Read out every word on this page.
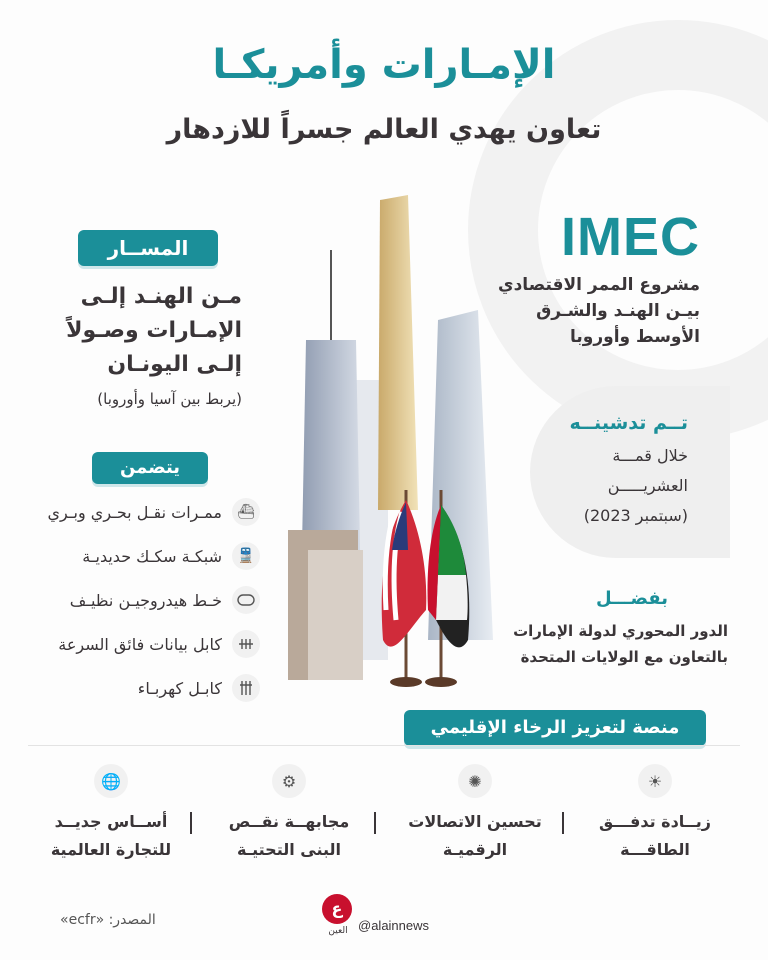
الإمـارات وأمريكـا
تعاون يهدي العالم جسراً للازدهار
المســار
مـن الهنـد إلـى
الإمـارات وصـولاً
إلـى اليونـان
(يربط بين آسيا وأوروبا)
يتضمن
⛴
ممـرات نقـل بحـري وبـري
🚆
شبكـة سكـك حديديـة
خـط هيدروجيـن نظيـف
كابل بيانات فائق السرعة
كابـل كهربـاء
IMEC
مشروع الممر الاقتصادي
بيـن الهنـد والشـرق
الأوسط وأوروبا
تــم تدشينــه
خلال قمـــة
العشريـــــن
(سبتمبر 2023)
بفضـــل
الدور المحوري لدولة الإمارات
بالتعاون مع الولايات المتحدة
منصة لتعزيز الرخاء الإقليمي
☀
زيــادة تدفـــق
الطاقـــة
✺
تحسين الاتصالات
الرقميـة
⚙
مجابهــة نقــص
البنى التحتيـة
🌐
أســاس جديــد
للتجارة العالمية
المصدر: «ecfr»
ع
العين @alainnews
